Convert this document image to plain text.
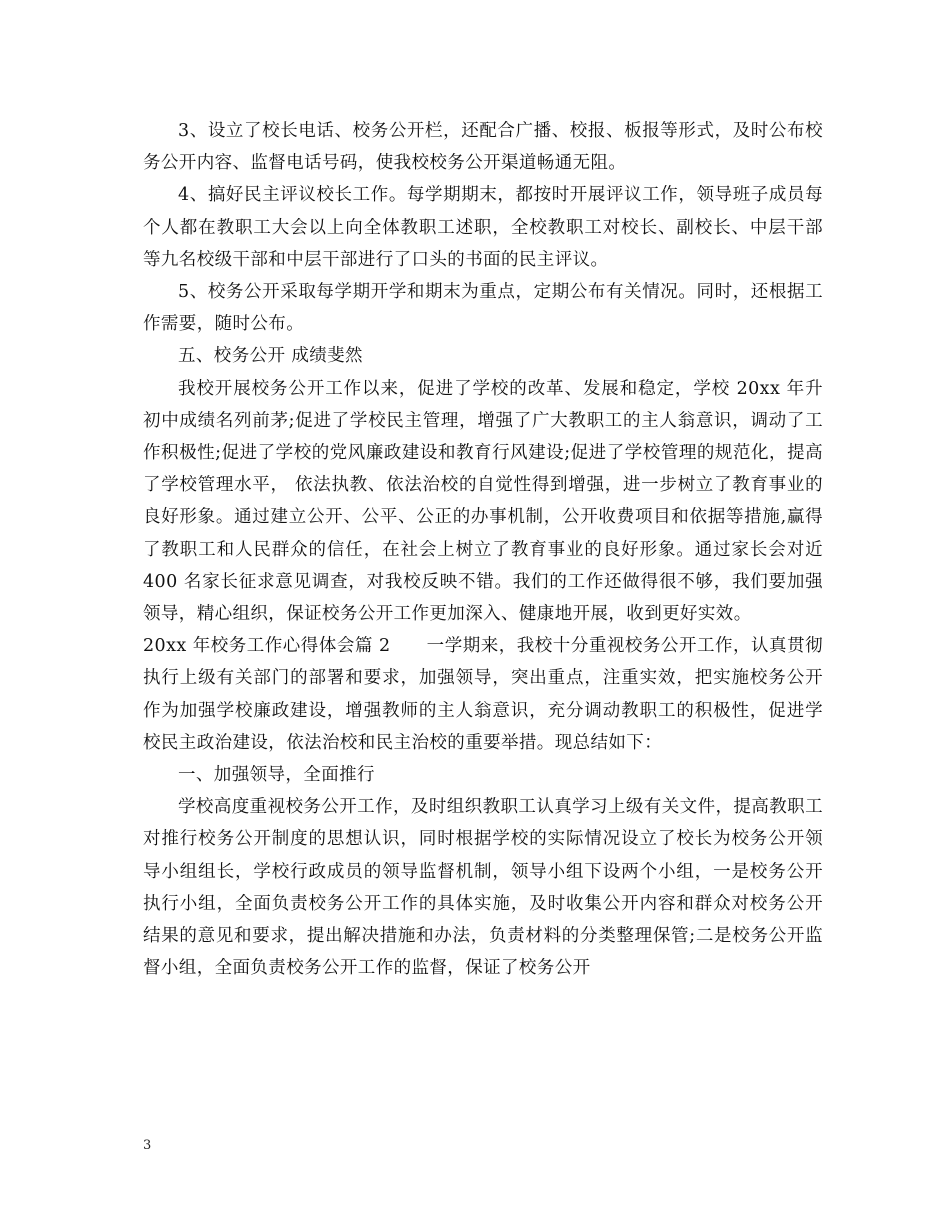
3、设立了校长电话、校务公开栏，还配合广播、校报、板报等形式，及时公布校务公开内容、监督电话号码，使我校校务公开渠道畅通无阻。

4、搞好民主评议校长工作。每学期期末，都按时开展评议工作，领导班子成员每个人都在教职工大会以上向全体教职工述职，全校教职工对校长、副校长、中层干部等九名校级干部和中层干部进行了口头的书面的民主评议。

5、校务公开采取每学期开学和期末为重点，定期公布有关情况。同时，还根据工作需要，随时公布。

五、校务公开 成绩斐然

我校开展校务公开工作以来，促进了学校的改革、发展和稳定，学校 20xx 年升初中成绩名列前茅;促进了学校民主管理，增强了广大教职工的主人翁意识，调动了工作积极性;促进了学校的党风廉政建设和教育行风建设;促进了学校管理的规范化，提高了学校管理水平， 依法执教、依法治校的自觉性得到增强，进一步树立了教育事业的良好形象。通过建立公开、公平、公正的办事机制，公开收费项目和依据等措施,赢得了教职工和人民群众的信任，在社会上树立了教育事业的良好形象。通过家长会对近 400 名家长征求意见调查，对我校反映不错。我们的工作还做得很不够，我们要加强领导，精心组织，保证校务公开工作更加深入、健康地开展，收到更好实效。

20xx 年校务工作心得体会篇 2　　一学期来，我校十分重视校务公开工作，认真贯彻执行上级有关部门的部署和要求，加强领导，突出重点，注重实效，把实施校务公开作为加强学校廉政建设，增强教师的主人翁意识，充分调动教职工的积极性，促进学校民主政治建设，依法治校和民主治校的重要举措。现总结如下：

一、加强领导，全面推行

学校高度重视校务公开工作，及时组织教职工认真学习上级有关文件，提高教职工对推行校务公开制度的思想认识，同时根据学校的实际情况设立了校长为校务公开领导小组组长，学校行政成员的领导监督机制，领导小组下设两个小组，一是校务公开执行小组，全面负责校务公开工作的具体实施，及时收集公开内容和群众对校务公开结果的意见和要求，提出解决措施和办法，负责材料的分类整理保管;二是校务公开监督小组，全面负责校务公开工作的监督，保证了校务公开

3
